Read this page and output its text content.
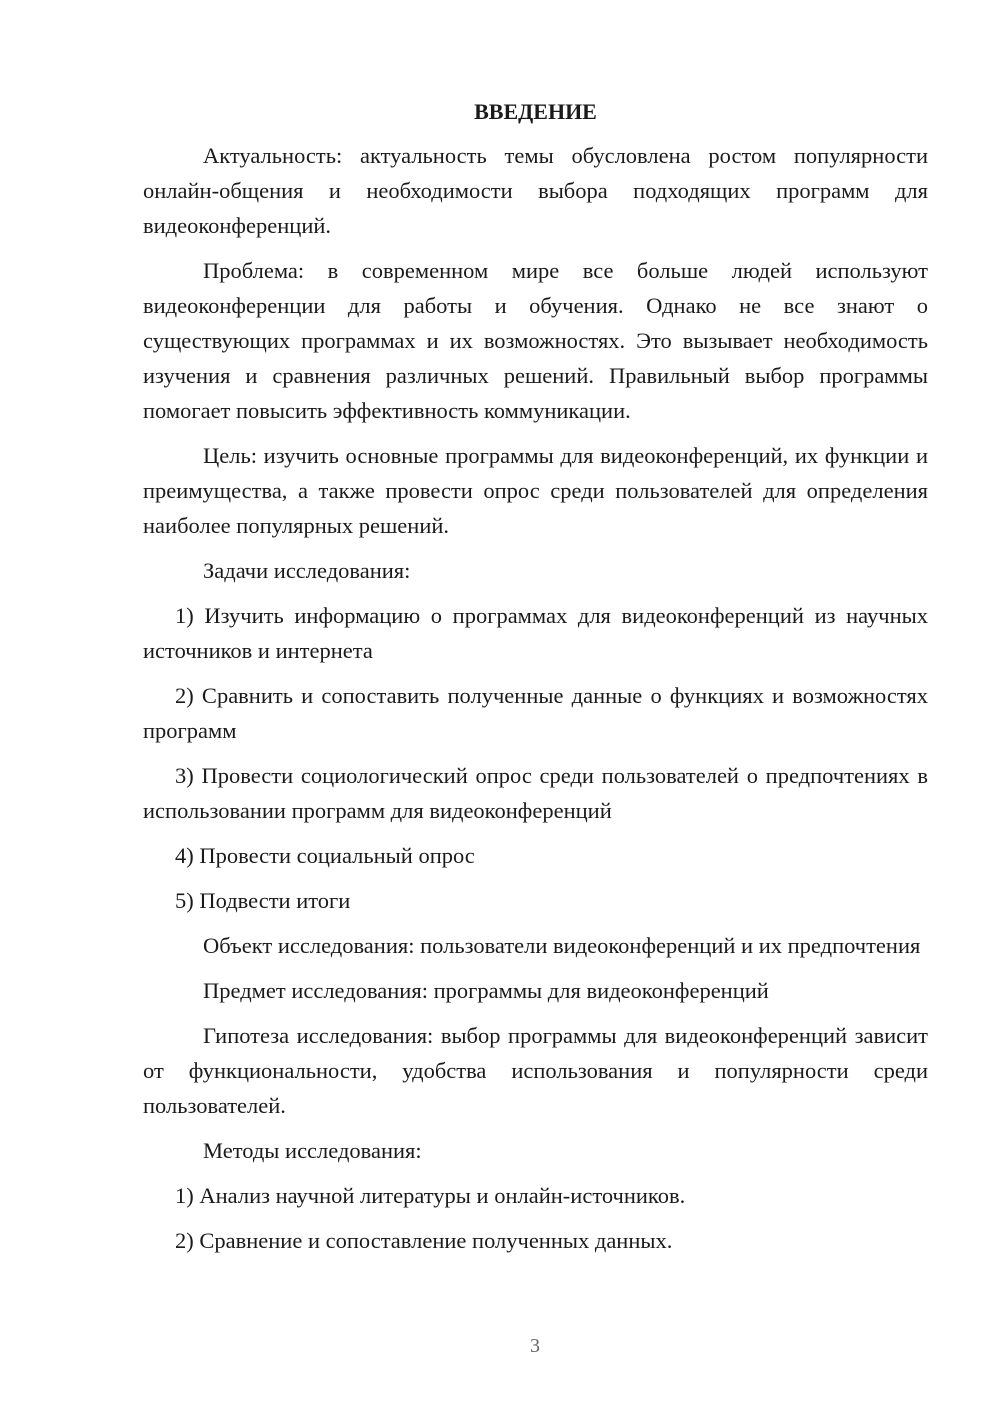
ВВЕДЕНИЕ

Актуальность: актуальность темы обусловлена ростом популярности онлайн-общения и необходимости выбора подходящих программ для видеоконференций.

Проблема: в современном мире все больше людей используют видеоконференции для работы и обучения. Однако не все знают о существующих программах и их возможностях. Это вызывает необходимость изучения и сравнения различных решений. Правильный выбор программы помогает повысить эффективность коммуникации.

Цель: изучить основные программы для видеоконференций, их функции и преимущества, а также провести опрос среди пользователей для определения наиболее популярных решений.

Задачи исследования:

1) Изучить информацию о программах для видеоконференций из научных источников и интернета

2) Сравнить и сопоставить полученные данные о функциях и возможностях программ

3) Провести социологический опрос среди пользователей о предпочтениях в использовании программ для видеоконференций

4) Провести социальный опрос

5) Подвести итоги

Объект исследования: пользователи видеоконференций и их предпочтения

Предмет исследования: программы для видеоконференций

Гипотеза исследования: выбор программы для видеоконференций зависит от функциональности, удобства использования и популярности среди пользователей.

Методы исследования:

1) Анализ научной литературы и онлайн-источников.

2) Сравнение и сопоставление полученных данных.

3
